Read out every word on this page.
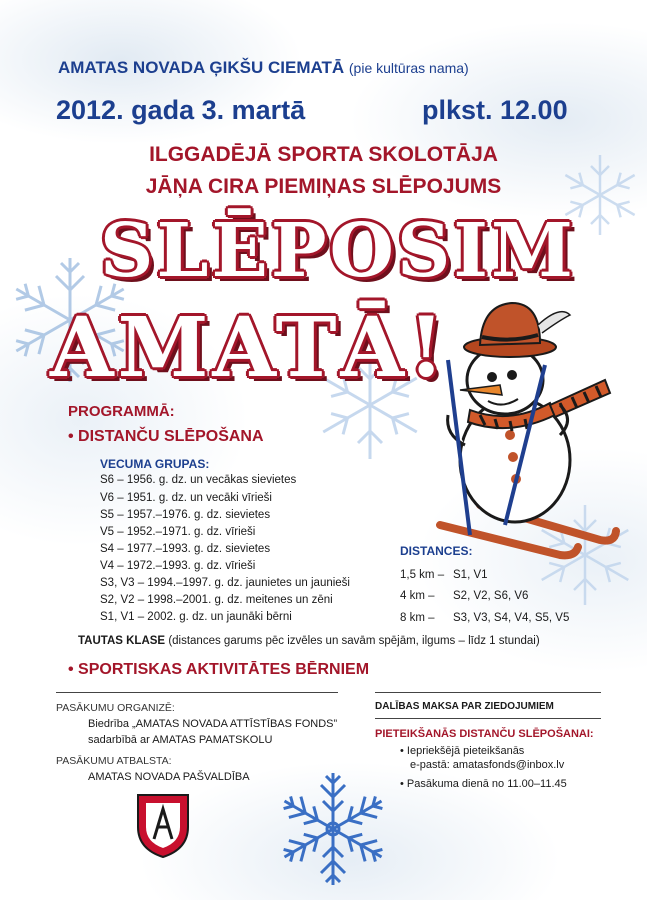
AMATAS NOVADA ĢIKŠU CIEMATĀ (pie kultūras nama)
2012. gada 3. martā	plkst. 12.00
ILGGADĒJĀ SPORTA SKOLOTĀJA
JĀŅA CIRA PIEMIŅAS SLĒPOJUMS
SLĒPOSIM
AMATĀ!
PROGRAMMĀ:
• DISTANČU SLĒPOŠANA
VECUMA GRUPAS:
S6 – 1956. g. dz. un vecākas sievietes
V6 – 1951. g. dz. un vecāki vīrieši
S5 – 1957.–1976. g. dz. sievietes
V5 – 1952.–1971. g. dz. vīrieši
S4 – 1977.–1993. g. dz. sievietes
V4 – 1972.–1993. g. dz. vīrieši
S3, V3 – 1994.–1997. g. dz. jaunietes un jaunieši
S2, V2 – 1998.–2001. g. dz. meitenes un zēni
S1, V1 – 2002. g. dz. un jaunāki bērni
TAUTAS KLASE (distances garums pēc izvēles un savām spējām, ilgums – līdz 1 stundai)
• SPORTISKAS AKTIVITĀTES BĒRNIEM
DISTANCES:
1,5 km – S1, V1
4 km – S2, V2, S6, V6
8 km – S3, V3, S4, V4, S5, V5
PASĀKUMU ORGANIZĒ:
Biedrība „AMATAS NOVADA ATTĪSTĪBAS FONDS”
sadarbībā ar AMATAS PAMATSKOLU
PASĀKUMU ATBALSTA:
AMATAS NOVADA PAŠVALDĪBA
DALĪBAS MAKSA PAR ZIEDOJUMIEM
PIETEIKŠANĀS DISTANČU SLĒPOŠANAI:
• Iepriekšējā pieteikšanās
e-pastā: amatasfonds@inbox.lv
• Pasākuma dienā no 11.00–11.45
